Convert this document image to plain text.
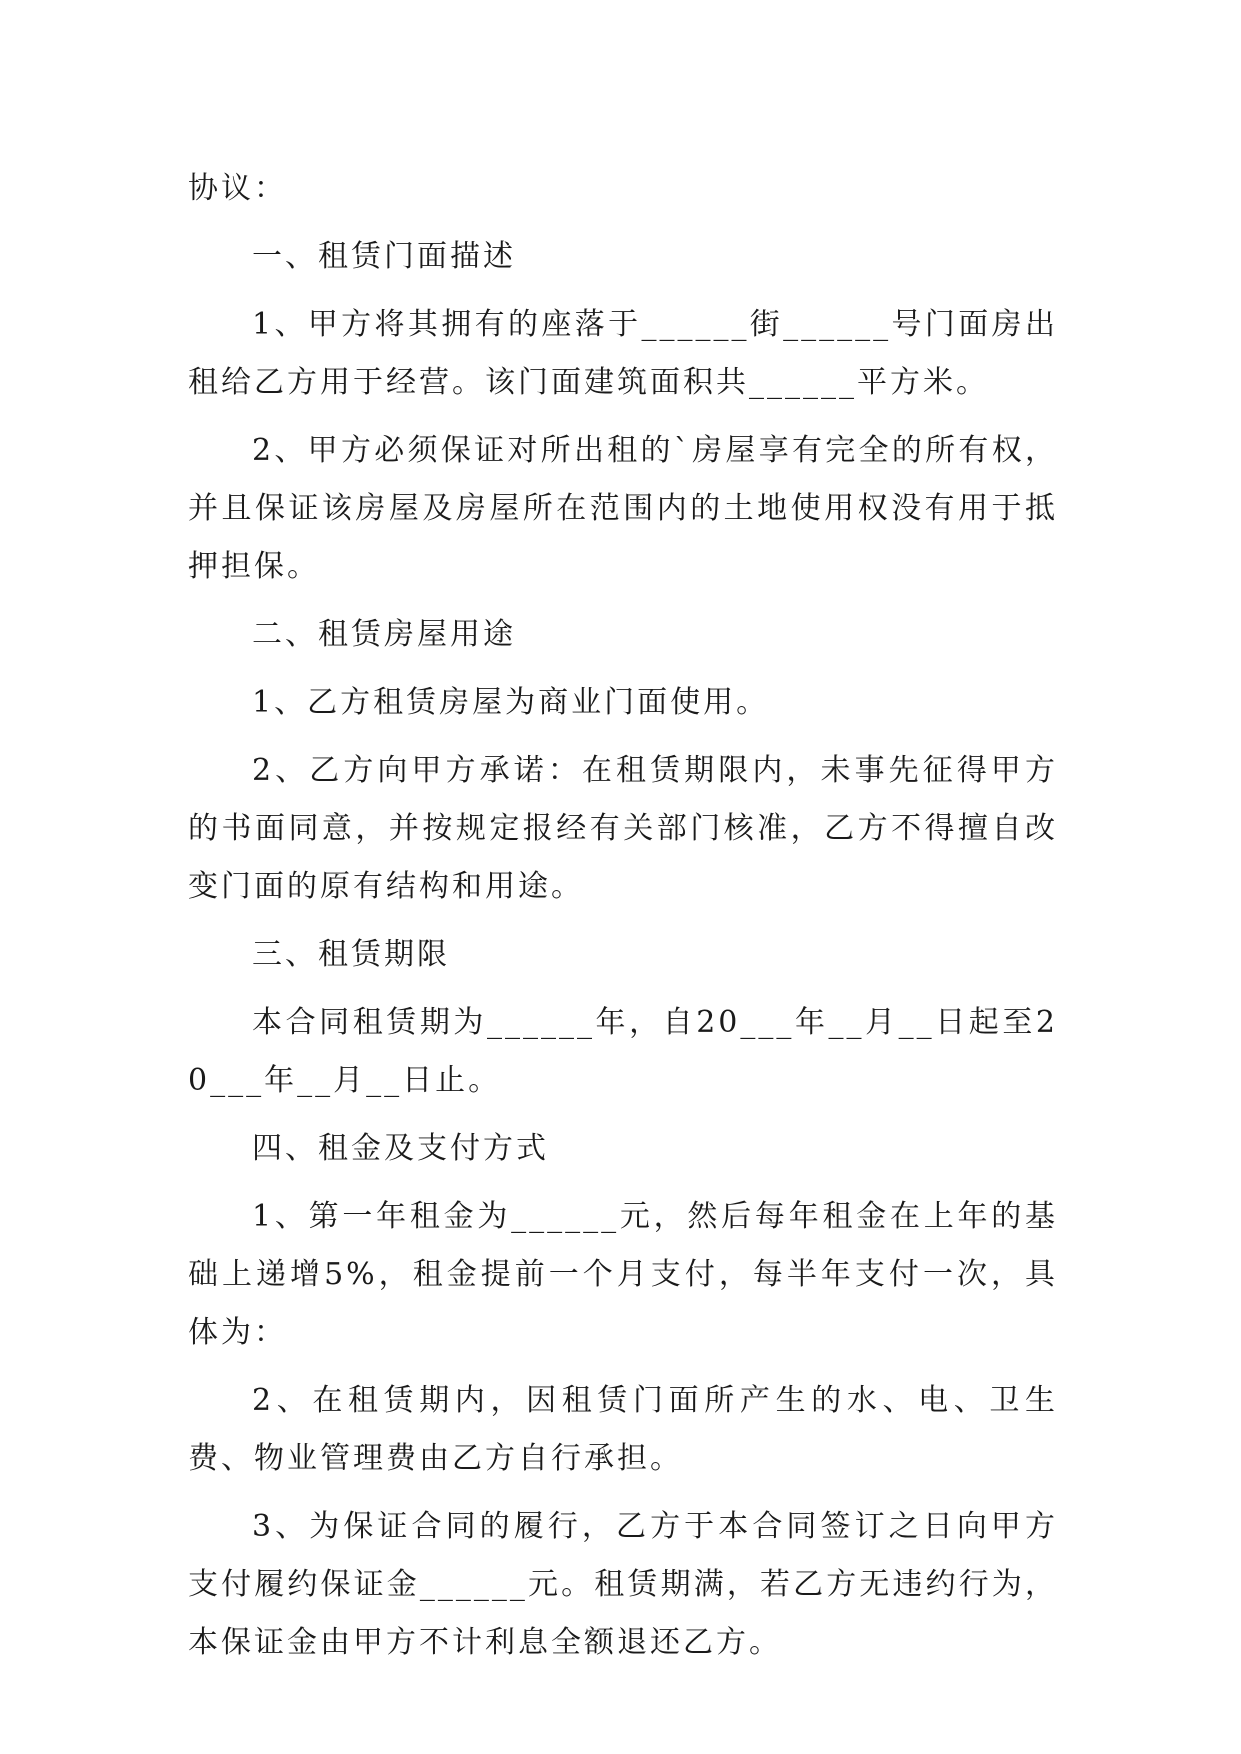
协议：

一、租赁门面描述

1、甲方将其拥有的座落于______街______号门面房出租给乙方用于经营。该门面建筑面积共______平方米。

2、甲方必须保证对所出租的`房屋享有完全的所有权，并且保证该房屋及房屋所在范围内的土地使用权没有用于抵押担保。

二、租赁房屋用途

1、乙方租赁房屋为商业门面使用。

2、乙方向甲方承诺：在租赁期限内，未事先征得甲方的书面同意，并按规定报经有关部门核准，乙方不得擅自改变门面的原有结构和用途。

三、租赁期限

本合同租赁期为______年，自20___年__月__日起至20___年__月__日止。

四、租金及支付方式

1、第一年租金为______元，然后每年租金在上年的基础上递增5%，租金提前一个月支付，每半年支付一次，具体为：

2、在租赁期内，因租赁门面所产生的水、电、卫生费、物业管理费由乙方自行承担。

3、为保证合同的履行，乙方于本合同签订之日向甲方支付履约保证金______元。租赁期满，若乙方无违约行为，本保证金由甲方不计利息全额退还乙方。
